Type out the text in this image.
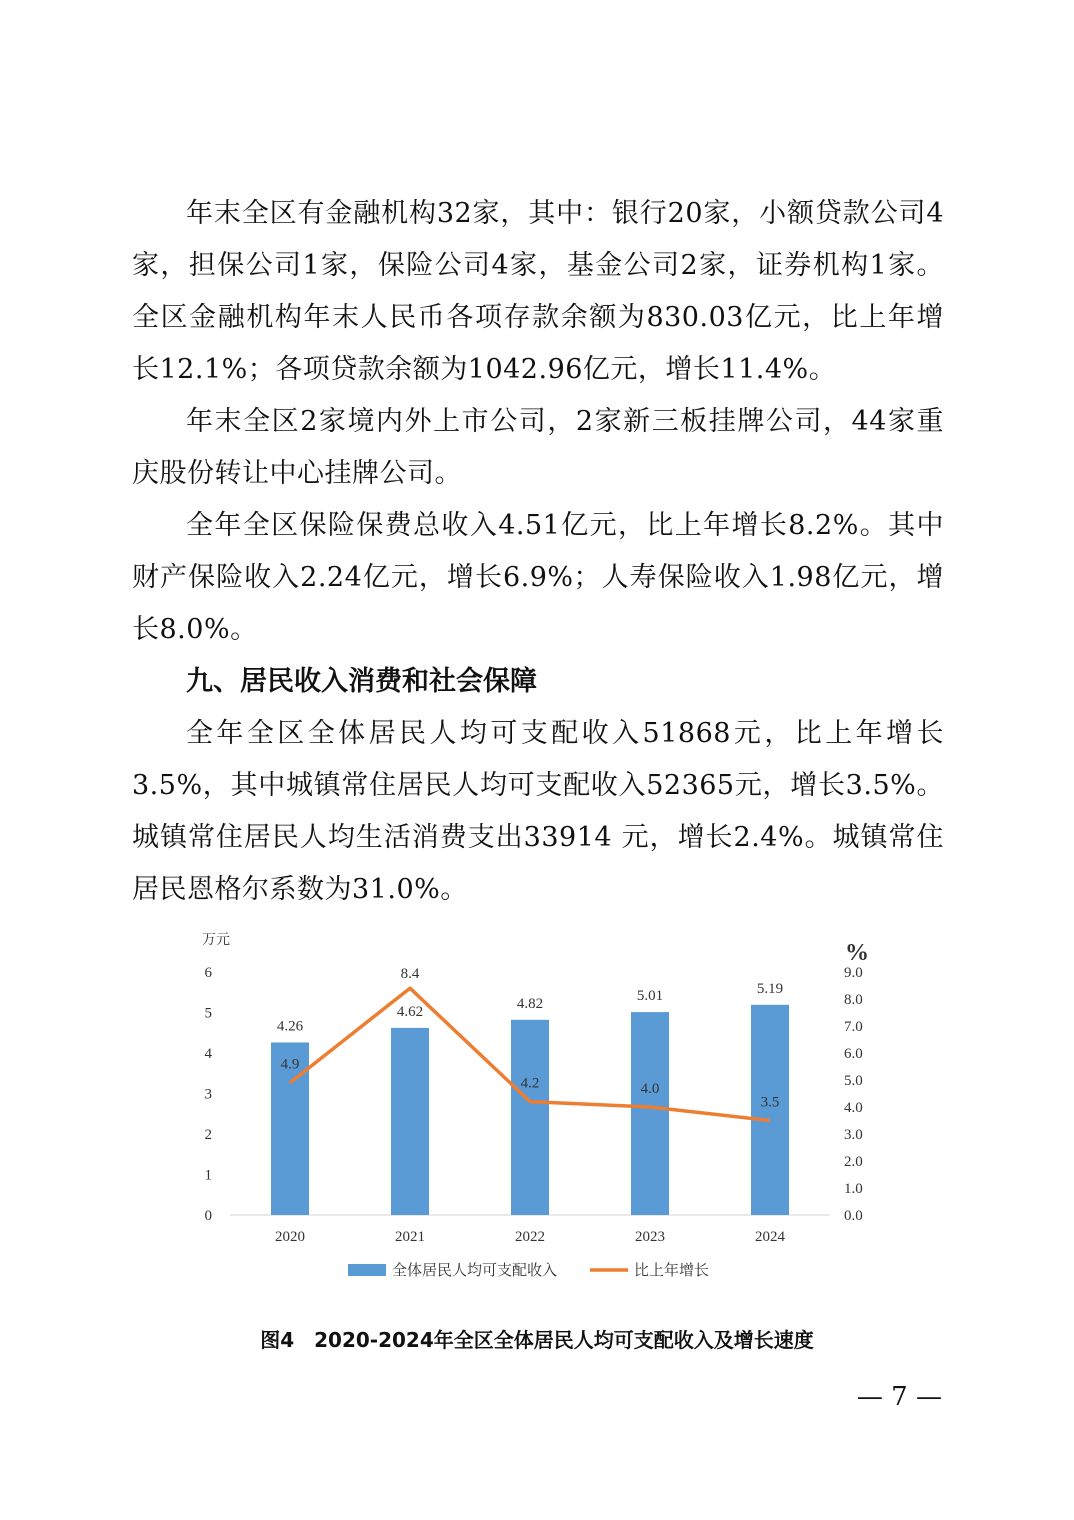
年末全区有金融机构32家，其中：银行20家，小额贷款公司4家，担保公司1家，保险公司4家，基金公司2家，证券机构1家。全区金融机构年末人民币各项存款余额为830.03亿元，比上年增长12.1%；各项贷款余额为1042.96亿元，增长11.4%。

年末全区2家境内外上市公司，2家新三板挂牌公司，44家重庆股份转让中心挂牌公司。

全年全区保险保费总收入4.51亿元，比上年增长8.2%。其中财产保险收入2.24亿元，增长6.9%；人寿保险收入1.98亿元，增长8.0%。

九、居民收入消费和社会保障

全年全区全体居民人均可支配收入51868元，比上年增长3.5%，其中城镇常住居民人均可支配收入52365元，增长3.5%。城镇常住居民人均生活消费支出33914 元，增长2.4%。城镇常住居民恩格尔系数为31.0%。

万元
0
1
2
3
4
5
6
%
0.0
1.0
2.0
3.0
4.0
5.0
6.0
7.0
8.0
9.0
4.26
4.62
4.82	5.01	5.19
2020	2021	2022	2023	2024
4.9
8.4
4.2	4.0
3.5
全体居民人均可支配收入	比上年增长
图4　2020-2024年全区全体居民人均可支配收入及增长速度
— 7 —
